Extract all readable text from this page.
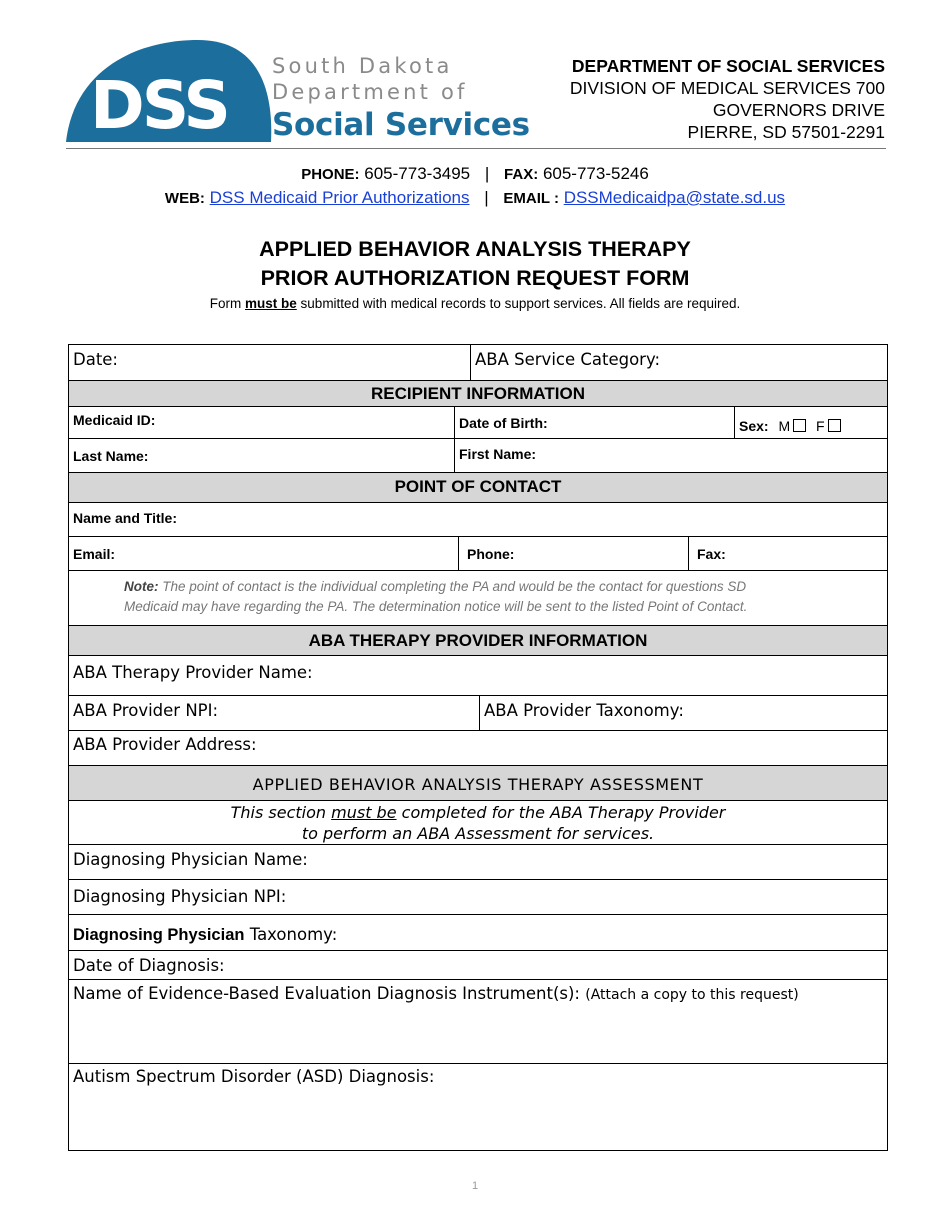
DSS
South Dakota
Department of
Social Services
DEPARTMENT OF SOCIAL SERVICES
DIVISION OF MEDICAL SERVICES 700
GOVERNORS DRIVE
PIERRE, SD 57501-2291
PHONE: 605-773-3495 | FAX: 605-773-5246
WEB: DSS Medicaid Prior Authorizations | EMAIL : DSSMedicaidpa@state.sd.us
APPLIED BEHAVIOR ANALYSIS THERAPY
PRIOR AUTHORIZATION REQUEST FORM
Form must be submitted with medical records to support services. All fields are required.
Date:	ABA Service Category:
RECIPIENT INFORMATION
Medicaid ID:	Date of Birth:	Sex: M F
Last Name:	First Name:
POINT OF CONTACT
Name and Title:
Email:	Phone:	Fax:
Note: The point of contact is the individual completing the PA and would be the contact for questions SD
Medicaid may have regarding the PA. The determination notice will be sent to the listed Point of Contact.
ABA THERAPY PROVIDER INFORMATION
ABA Therapy Provider Name:
ABA Provider NPI:	ABA Provider Taxonomy:
ABA Provider Address:
APPLIED BEHAVIOR ANALYSIS THERAPY ASSESSMENT
This section must be completed for the ABA Therapy Provider
to perform an ABA Assessment for services.
Diagnosing Physician Name:
Diagnosing Physician NPI:
Diagnosing Physician Taxonomy:
Date of Diagnosis:
Name of Evidence-Based Evaluation Diagnosis Instrument(s): (Attach a copy to this request)
Autism Spectrum Disorder (ASD) Diagnosis:
1
